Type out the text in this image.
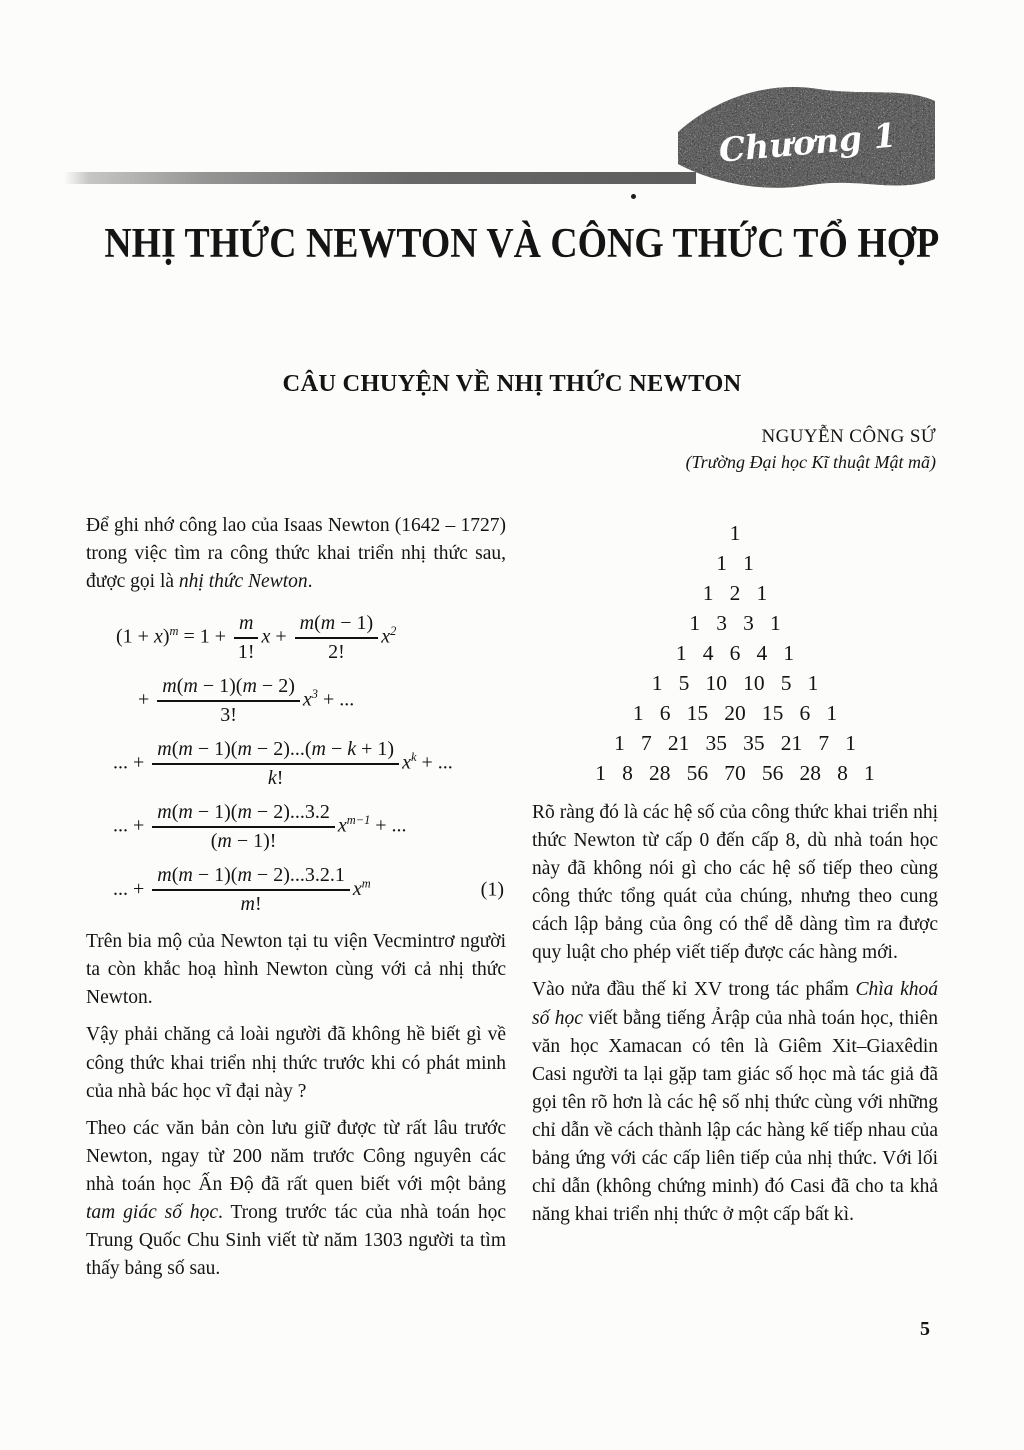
Chương 1
NHỊ THỨC NEWTON VÀ CÔNG THỨC TỔ HỢP
CÂU CHUYỆN VỀ NHỊ THỨC NEWTON
NGUYỄN CÔNG SỨ
(Trường Đại học Kĩ thuật Mật mã)

Để ghi nhớ công lao của Isaas Newton (1642 – 1727) trong việc tìm ra công thức khai triển nhị thức sau, được gọi là nhị thức Newton.

$(1 + x)^m = 1 + \frac{m}{1!}$ $x + \frac{m(m - 1)}{2!} x^2$
+ $\frac{m(m - 1)(m - 2)}{3!} x^3$ + ...
... + $\frac{m(m - 1)(m - 2)...(m - k + 1)}{k!} x^k$ + ...
... + $\frac{m(m - 1)(m - 2)...3.2}{(m - 1)!} x^{m-1}$ + ...
... + $\frac{m(m - 1)(m - 2)...3.2.1}{m!} x^m$	(1)

Trên bia mộ của Newton tại tu viện Vecmintrơ người ta còn khắc hoạ hình Newton cùng với cả nhị thức Newton.

Vậy phải chăng cả loài người đã không hề biết gì về công thức khai triển nhị thức trước khi có phát minh của nhà bác học vĩ đại này ?

Theo các văn bản còn lưu giữ được từ rất lâu trước Newton, ngay từ 200 năm trước Công nguyên các nhà toán học Ấn Độ đã rất quen biết với một bảng tam giác số học. Trong trước tác của nhà toán học Trung Quốc Chu Sinh viết từ năm 1303 người ta tìm thấy bảng số sau.

1
1   1
1   2   1
1   3   3   1
1   4   6   4   1
1   5   10   10   5   1
1   6   15   20   15   6   1
1   7   21   35   35   21   7   1
1   8   28   56   70   56   28   8   1

Rõ ràng đó là các hệ số của công thức khai triển nhị thức Newton từ cấp 0 đến cấp 8, dù nhà toán học này đã không nói gì cho các hệ số tiếp theo cùng công thức tổng quát của chúng, nhưng theo cung cách lập bảng của ông có thể dễ dàng tìm ra được quy luật cho phép viết tiếp được các hàng mới.

Vào nửa đầu thế kỉ XV trong tác phẩm Chìa khoá số học viết bằng tiếng Ảrập của nhà toán học, thiên văn học Xamacan có tên là Giêm Xit–Giaxêdin Casi người ta lại gặp tam giác số học mà tác giả đã gọi tên rõ hơn là các hệ số nhị thức cùng với những chỉ dẫn về cách thành lập các hàng kế tiếp nhau của bảng ứng với các cấp liên tiếp của nhị thức. Với lối chỉ dẫn (không chứng minh) đó Casi đã cho ta khả năng khai triển nhị thức ở một cấp bất kì.

5
